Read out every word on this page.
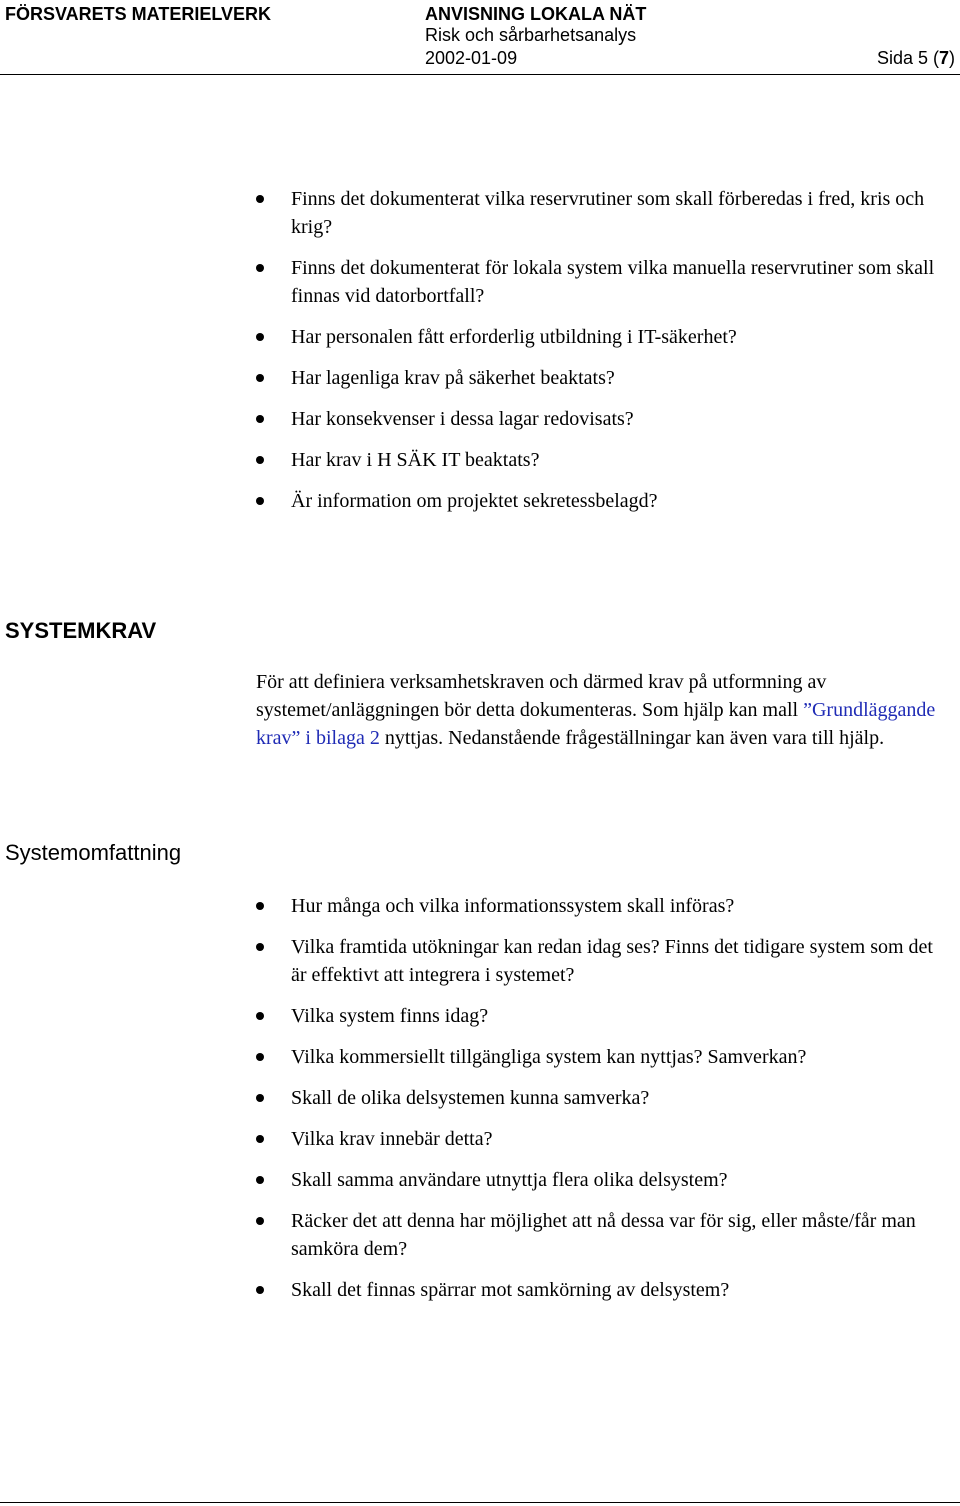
FÖRSVARETS MATERIELVERK	ANVISNING LOKALA NÄT
Risk och sårbarhetsanalys
2002-01-09	Sida 5 (7)
Finns det dokumenterat vilka reservrutiner som skall förberedas i fred, kris och krig?
Finns det dokumenterat för lokala system vilka manuella reservrutiner som skall finnas vid datorbortfall?
Har personalen fått erforderlig utbildning i IT-säkerhet?
Har lagenliga krav på säkerhet beaktats?
Har konsekvenser i dessa lagar redovisats?
Har krav i H SÄK IT beaktats?
Är information om projektet sekretessbelagd?
SYSTEMKRAV
För att definiera verksamhetskraven och därmed krav på utformning av systemet/anläggningen bör detta dokumenteras. Som hjälp kan mall ”Grundläggande krav” i bilaga 2 nyttjas. Nedanstående frågeställningar kan även vara till hjälp.
Systemomfattning
Hur många och vilka informationssystem skall införas?
Vilka framtida utökningar kan redan idag ses? Finns det tidigare system som det är effektivt att integrera i systemet?
Vilka system finns idag?
Vilka kommersiellt tillgängliga system kan nyttjas? Samverkan?
Skall de olika delsystemen kunna samverka?
Vilka krav innebär detta?
Skall samma användare utnyttja flera olika delsystem?
Räcker det att denna har möjlighet att nå dessa var för sig, eller måste/får man samköra dem?
Skall det finnas spärrar mot samkörning av delsystem?
